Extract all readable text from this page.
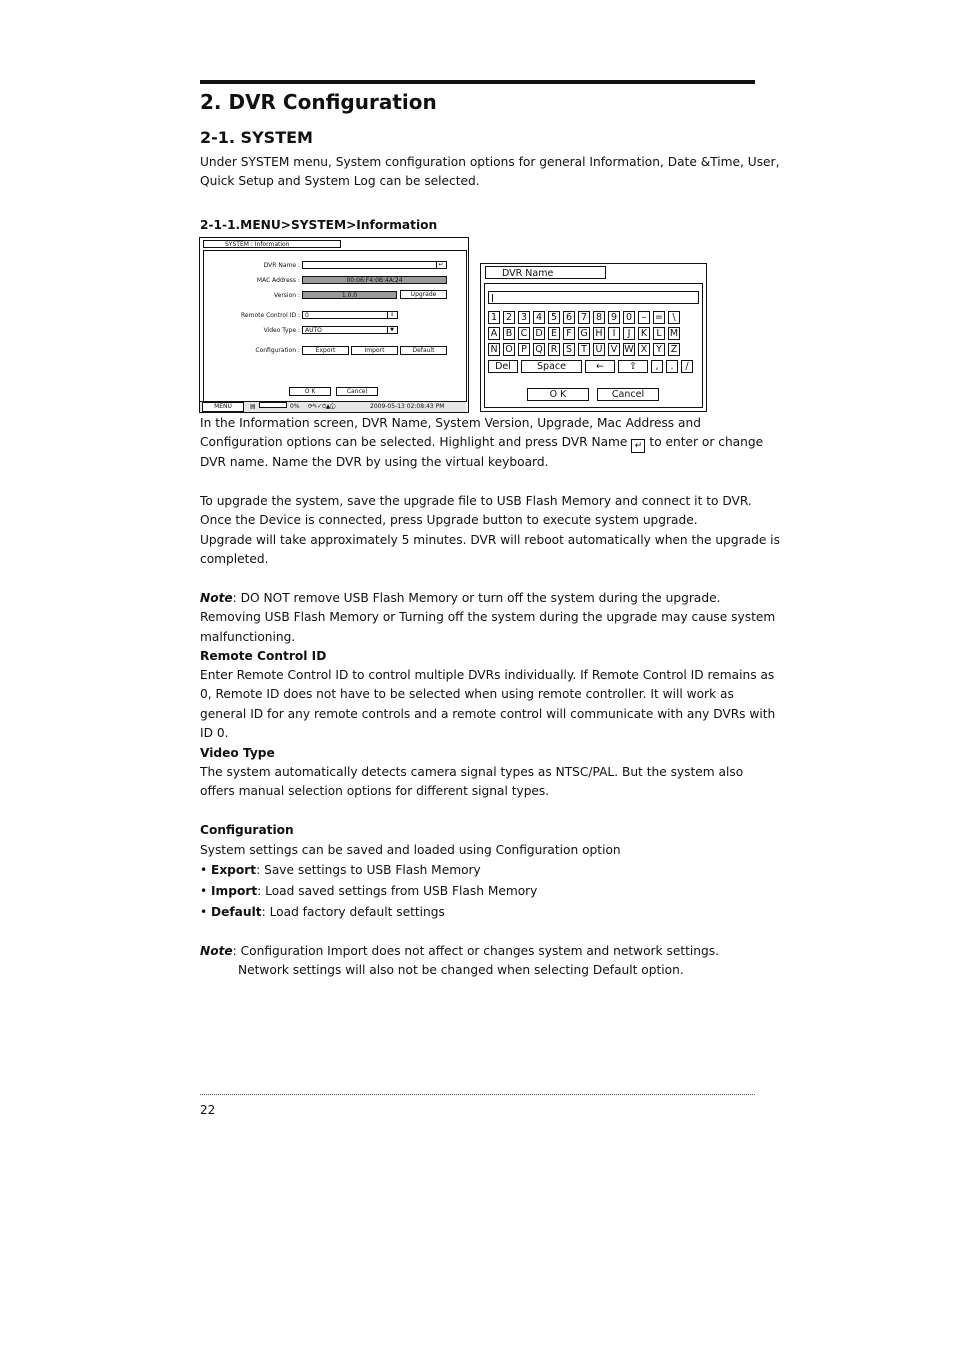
2. DVR Configuration
2-1. SYSTEM

Under SYSTEM menu, System configuration options for general Information, Date &Time, User, Quick Setup and System Log can be selected.

2-1-1.MENU>SYSTEM>Information

SYSTEM : Information
DVR Name :	↵
MAC Address :	00:06:F4:0B:4A:24
Version :	1.0.0	Upgrade
Remote Control ID : 0	↕
Video Type : AUTO	▼
Configuration :	Export	Import	Default
O K	Cancel
MENU	▤	0% ⟳✎✓⏱▲ⓘ	2009-05-13 02:08:43 PM
DVR Name
1 2 3 4 5 6 7 8 9 0	– = \
A B C D E F G H	I	J	K L M
N O P Q R S T U V W X Y Z
Del	Space	←	⇧	,	.	/
O K	Cancel

In the Information screen, DVR Name, System Version, Upgrade, Mac Address and Configuration options can be selected. Highlight and press DVR Name ↵ to enter or change DVR name. Name the DVR by using the virtual keyboard.

To upgrade the system, save the upgrade file to USB Flash Memory and connect it to DVR. Once the Device is connected, press Upgrade button to execute system upgrade.

Upgrade will take approximately 5 minutes. DVR will reboot automatically when the upgrade is completed.

Note: DO NOT remove USB Flash Memory or turn off the system during the upgrade. Removing USB Flash Memory or Turning off the system during the upgrade may cause system malfunctioning.

Remote Control ID

Enter Remote Control ID to control multiple DVRs individually. If Remote Control ID remains as 0, Remote ID does not have to be selected when using remote controller. It will work as general ID for any remote controls and a remote control will communicate with any DVRs with ID 0.

Video Type

The system automatically detects camera signal types as NTSC/PAL. But the system also offers manual selection options for different signal types.

Configuration

System settings can be saved and loaded using Configuration option

• Export: Save settings to USB Flash Memory
• Import: Load saved settings from USB Flash Memory
• Default: Load factory default settings

Note: Configuration Import does not affect or changes system and network settings.

Network settings will also not be changed when selecting Default option.

22
